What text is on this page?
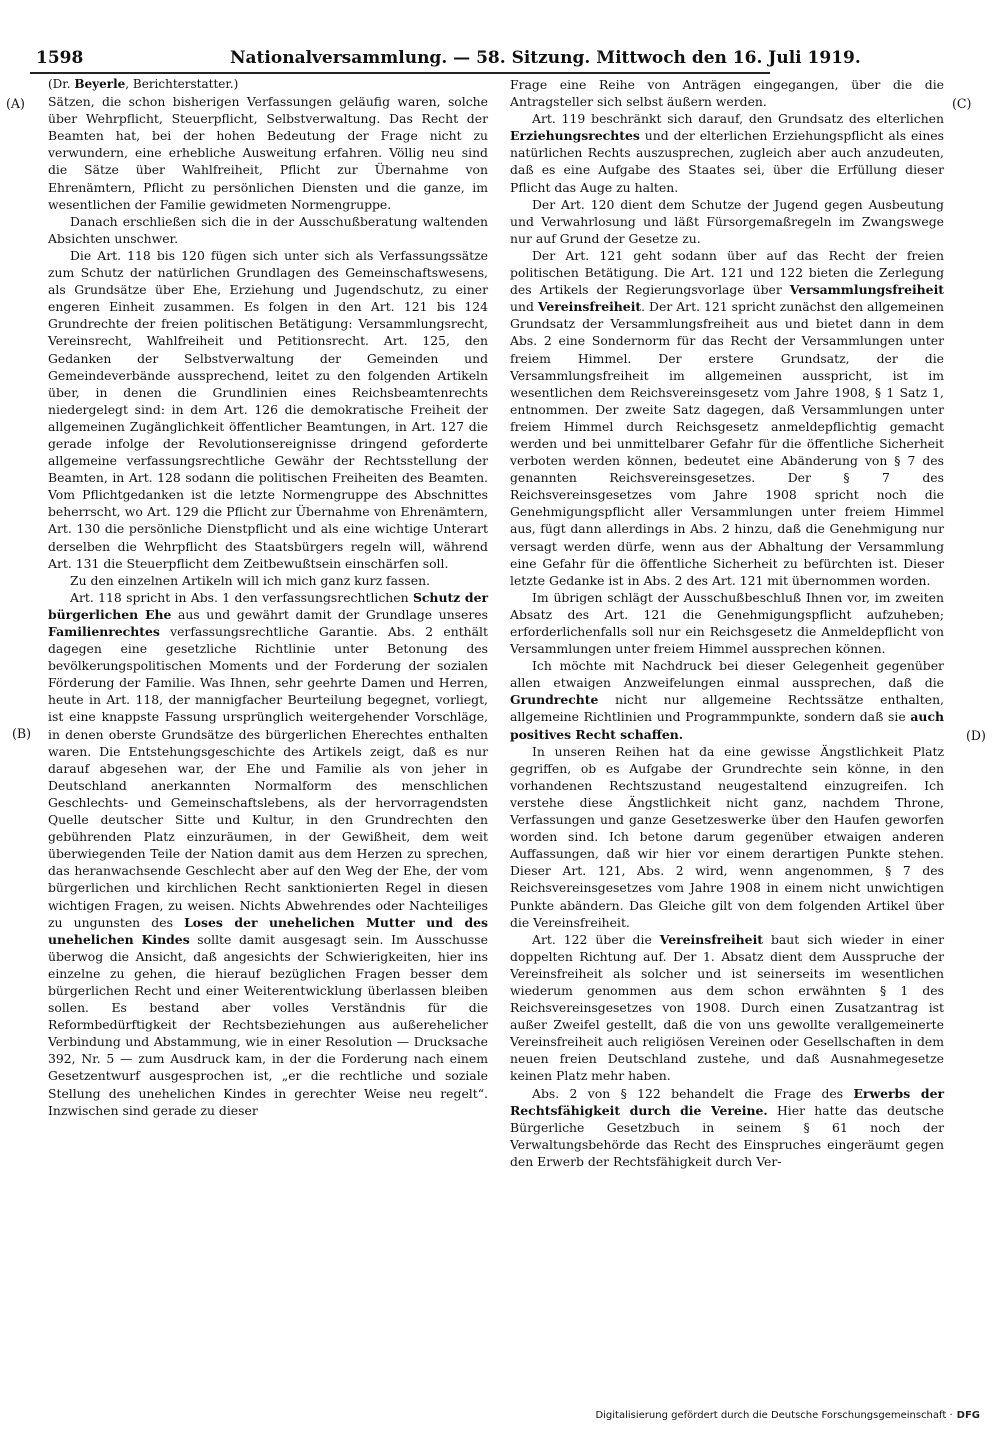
1598	Nationalversammlung. — 58. Sitzung. Mittwoch den 16. Juli 1919.
(A)
(B)
(C)
(D)

(Dr. Beyerle, Berichterstatter.)

Sätzen, die schon bisherigen Verfassungen geläufig waren, solche über Wehrpflicht, Steuerpflicht, Selbstverwaltung. Das Recht der Beamten hat, bei der hohen Bedeutung der Frage nicht zu verwundern, eine erhebliche Ausweitung erfahren. Völlig neu sind die Sätze über Wahlfreiheit, Pflicht zur Übernahme von Ehrenämtern, Pflicht zu persönlichen Diensten und die ganze, im wesentlichen der Familie gewidmeten Normengruppe.

Danach erschließen sich die in der Ausschußberatung waltenden Absichten unschwer.

Die Art. 118 bis 120 fügen sich unter sich als Verfassungssätze zum Schutz der natürlichen Grundlagen des Gemeinschaftswesens, als Grundsätze über Ehe, Erziehung und Jugendschutz, zu einer engeren Einheit zusammen. Es folgen in den Art. 121 bis 124 Grundrechte der freien politischen Betätigung: Versammlungsrecht, Vereinsrecht, Wahlfreiheit und Petitionsrecht. Art. 125, den Gedanken der Selbstverwaltung der Gemeinden und Gemeindeverbände aussprechend, leitet zu den folgenden Artikeln über, in denen die Grundlinien eines Reichsbeamtenrechts niedergelegt sind: in dem Art. 126 die demokratische Freiheit der allgemeinen Zugänglichkeit öffentlicher Beamtungen, in Art. 127 die gerade infolge der Revolutionsereignisse dringend geforderte allgemeine verfassungsrechtliche Gewähr der Rechtsstellung der Beamten, in Art. 128 sodann die politischen Freiheiten des Beamten. Vom Pflichtgedanken ist die letzte Normengruppe des Abschnittes beherrscht, wo Art. 129 die Pflicht zur Übernahme von Ehrenämtern, Art. 130 die persönliche Dienstpflicht und als eine wichtige Unterart derselben die Wehrpflicht des Staatsbürgers regeln will, während Art. 131 die Steuerpflicht dem Zeitbewußtsein einschärfen soll.

Zu den einzelnen Artikeln will ich mich ganz kurz fassen.

Art. 118 spricht in Abs. 1 den verfassungsrechtlichen Schutz der bürgerlichen Ehe aus und gewährt damit der Grundlage unseres Familienrechtes verfassungsrechtliche Garantie. Abs. 2 enthält dagegen eine gesetzliche Richtlinie unter Betonung des bevölkerungspolitischen Moments und der Forderung der sozialen Förderung der Familie. Was Ihnen, sehr geehrte Damen und Herren, heute in Art. 118, der mannigfacher Beurteilung begegnet, vorliegt, ist eine knappste Fassung ursprünglich weitergehender Vorschläge, in denen oberste Grundsätze des bürgerlichen Eherechtes enthalten waren. Die Entstehungsgeschichte des Artikels zeigt, daß es nur darauf abgesehen war, der Ehe und Familie als von jeher in Deutschland anerkannten Normalform des menschlichen Geschlechts- und Gemeinschaftslebens, als der hervorragendsten Quelle deutscher Sitte und Kultur, in den Grundrechten den gebührenden Platz einzuräumen, in der Gewißheit, dem weit überwiegenden Teile der Nation damit aus dem Herzen zu sprechen, das heranwachsende Geschlecht aber auf den Weg der Ehe, der vom bürgerlichen und kirchlichen Recht sanktionierten Regel in diesen wichtigen Fragen, zu weisen. Nichts Abwehrendes oder Nachteiliges zu ungunsten des Loses der unehelichen Mutter und des unehelichen Kindes sollte damit ausgesagt sein. Im Ausschusse überwog die Ansicht, daß angesichts der Schwierigkeiten, hier ins einzelne zu gehen, die hierauf bezüglichen Fragen besser dem bürgerlichen Recht und einer Weiterentwicklung überlassen bleiben sollen. Es bestand aber volles Verständnis für die Reformbedürftigkeit der Rechtsbeziehungen aus außerehelicher Verbindung und Abstammung, wie in einer Resolution — Drucksache 392, Nr. 5 — zum Ausdruck kam, in der die Forderung nach einem Gesetzentwurf ausgesprochen ist, „er die rechtliche und soziale Stellung des unehelichen Kindes in gerechter Weise neu regelt“. Inzwischen sind gerade zu dieser

Frage eine Reihe von Anträgen eingegangen, über die die Antragsteller sich selbst äußern werden.

Art. 119 beschränkt sich darauf, den Grundsatz des elterlichen Erziehungsrechtes und der elterlichen Erziehungspflicht als eines natürlichen Rechts auszusprechen, zugleich aber auch anzudeuten, daß es eine Aufgabe des Staates sei, über die Erfüllung dieser Pflicht das Auge zu halten.

Der Art. 120 dient dem Schutze der Jugend gegen Ausbeutung und Verwahrlosung und läßt Fürsorgemaßregeln im Zwangswege nur auf Grund der Gesetze zu.

Der Art. 121 geht sodann über auf das Recht der freien politischen Betätigung. Die Art. 121 und 122 bieten die Zerlegung des Artikels der Regierungsvorlage über Versammlungsfreiheit und Vereinsfreiheit. Der Art. 121 spricht zunächst den allgemeinen Grundsatz der Versammlungsfreiheit aus und bietet dann in dem Abs. 2 eine Sondernorm für das Recht der Versammlungen unter freiem Himmel. Der erstere Grundsatz, der die Versammlungsfreiheit im allgemeinen ausspricht, ist im wesentlichen dem Reichsvereinsgesetz vom Jahre 1908, § 1 Satz 1, entnommen. Der zweite Satz dagegen, daß Versammlungen unter freiem Himmel durch Reichsgesetz anmeldepflichtig gemacht werden und bei unmittelbarer Gefahr für die öffentliche Sicherheit verboten werden können, bedeutet eine Abänderung von § 7 des genannten Reichsvereinsgesetzes. Der § 7 des Reichsvereinsgesetzes vom Jahre 1908 spricht noch die Genehmigungspflicht aller Versammlungen unter freiem Himmel aus, fügt dann allerdings in Abs. 2 hinzu, daß die Genehmigung nur versagt werden dürfe, wenn aus der Abhaltung der Versammlung eine Gefahr für die öffentliche Sicherheit zu befürchten ist. Dieser letzte Gedanke ist in Abs. 2 des Art. 121 mit übernommen worden.

Im übrigen schlägt der Ausschußbeschluß Ihnen vor, im zweiten Absatz des Art. 121 die Genehmigungspflicht aufzuheben; erforderlichenfalls soll nur ein Reichsgesetz die Anmeldepflicht von Versammlungen unter freiem Himmel aussprechen können.

Ich möchte mit Nachdruck bei dieser Gelegenheit gegenüber allen etwaigen Anzweifelungen einmal aussprechen, daß die Grundrechte nicht nur allgemeine Rechtssätze enthalten, allgemeine Richtlinien und Programmpunkte, sondern daß sie auch positives Recht schaffen.

In unseren Reihen hat da eine gewisse Ängstlichkeit Platz gegriffen, ob es Aufgabe der Grundrechte sein könne, in den vorhandenen Rechtszustand neugestaltend einzugreifen. Ich verstehe diese Ängstlichkeit nicht ganz, nachdem Throne, Verfassungen und ganze Gesetzeswerke über den Haufen geworfen worden sind. Ich betone darum gegenüber etwaigen anderen Auffassungen, daß wir hier vor einem derartigen Punkte stehen. Dieser Art. 121, Abs. 2 wird, wenn angenommen, § 7 des Reichsvereinsgesetzes vom Jahre 1908 in einem nicht unwichtigen Punkte abändern. Das Gleiche gilt von dem folgenden Artikel über die Vereinsfreiheit.

Art. 122 über die Vereinsfreiheit baut sich wieder in einer doppelten Richtung auf. Der 1. Absatz dient dem Ausspruche der Vereinsfreiheit als solcher und ist seinerseits im wesentlichen wiederum genommen aus dem schon erwähnten § 1 des Reichsvereinsgesetzes von 1908. Durch einen Zusatzantrag ist außer Zweifel gestellt, daß die von uns gewollte verallgemeinerte Vereinsfreiheit auch religiösen Vereinen oder Gesellschaften in dem neuen freien Deutschland zustehe, und daß Ausnahmegesetze keinen Platz mehr haben.

Abs. 2 von § 122 behandelt die Frage des Erwerbs der Rechtsfähigkeit durch die Vereine. Hier hatte das deutsche Bürgerliche Gesetzbuch in seinem § 61 noch der Verwaltungsbehörde das Recht des Einspruches eingeräumt gegen den Erwerb der Rechtsfähigkeit durch Ver-

Digitalisierung gefördert durch die Deutsche Forschungsgemeinschaft · DFG
